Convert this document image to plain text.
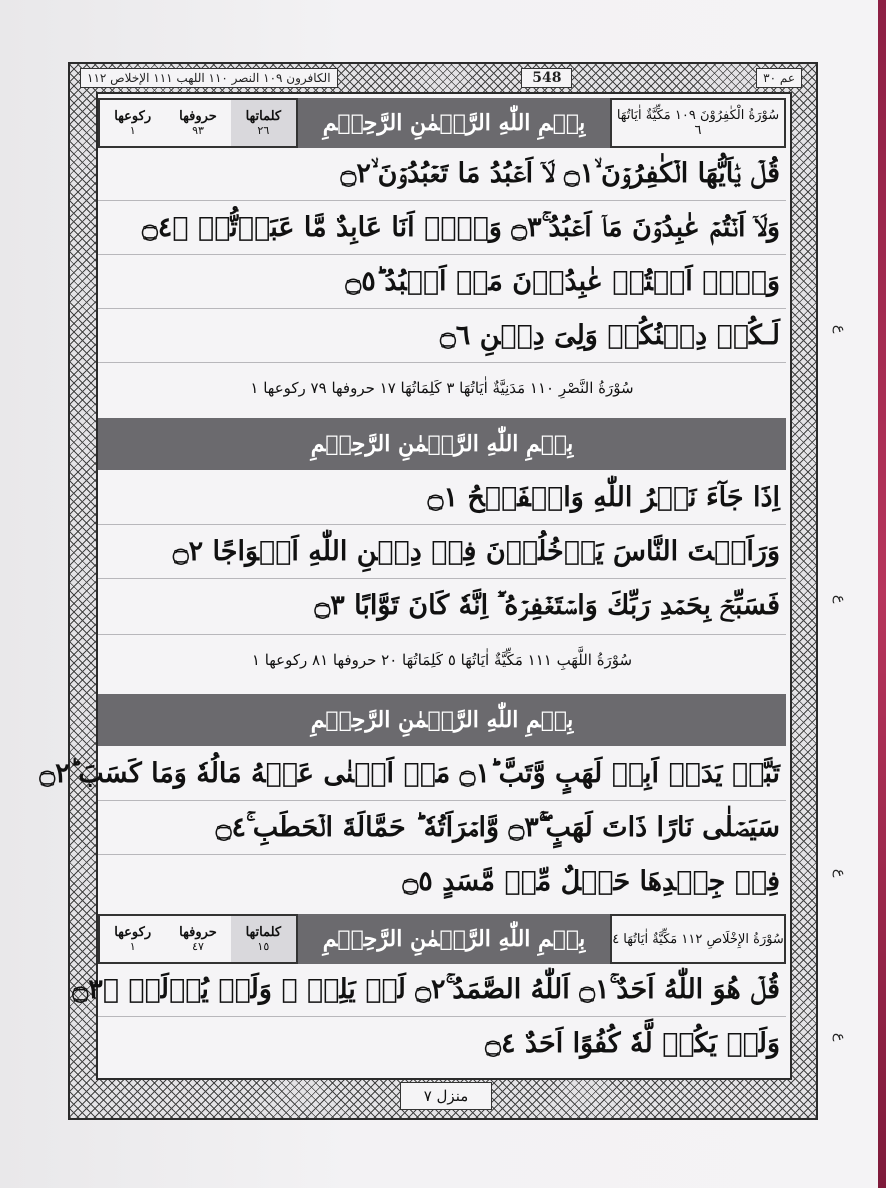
عم ۳۰
548
الكافرون ١٠٩ النصر ١١٠ اللهب ١١١ الإخلاص ١١٢
سُوْرَةُ الْكٰفِرُوْنَ ١٠٩ مَكِّيَّةٌ اٰيَاتُهَا ٦
بِسۡمِ اللّٰهِ الرَّحۡمٰنِ الرَّحِيۡمِ
كلماتها
٢٦
حروفها
٩٣
ركوعها
١
قُلۡ يٰۤاَيُّهَا الۡكٰفِرُوۡنَ ۙ۝١ لَاۤ اَعۡبُدُ مَا تَعۡبُدُوۡنَ ۙ۝٢
وَلَاۤ اَنۡتُمۡ عٰبِدُوۡنَ مَاۤ اَعۡبُدُ ۚ۝٣ وَلَاۤ اَنَا عَابِدٌ مَّا عَبَدۡتُّمۡ ۙ۝٤
وَلَاۤ اَنۡتُمۡ عٰبِدُوۡنَ مَاۤ اَعۡبُدُ ؕ۝٥
لَـكُمۡ دِيۡنُكُمۡ وَلِىَ دِيۡنِ ۝٦
سُوْرَةُ النَّصْرِ ١١٠ مَدَنِيَّةٌ اٰيَاتُهَا ٣ كَلِمَاتُهَا ١٧ حروفها ٧٩ ركوعها ١
بِسۡمِ اللّٰهِ الرَّحۡمٰنِ الرَّحِيۡمِ
اِذَا جَآءَ نَصۡرُ اللّٰهِ وَالۡفَتۡحُ ۝١
وَرَاَيۡتَ النَّاسَ يَدۡخُلُوۡنَ فِىۡ دِيۡنِ اللّٰهِ اَفۡوَاجًا ۝٢
فَسَبِّحۡ بِحَمۡدِ رَبِّكَ وَاسۡتَغۡفِرۡهُ ؔؕ اِنَّهٗ كَانَ تَوَّابًا ۝٣
سُوْرَةُ اللَّهَبِ ١١١ مَكِّيَّةٌ اٰيَاتُهَا ٥ كَلِمَاتُهَا ٢٠ حروفها ٨١ ركوعها ١
بِسۡمِ اللّٰهِ الرَّحۡمٰنِ الرَّحِيۡمِ
تَبَّتۡ يَدَاۤ اَبِىۡ لَهَبٍ وَّتَبَّ ؕ۝١ مَاۤ اَغۡنٰى عَنۡهُ مَالُهٗ وَمَا كَسَبَ ؕ۝٢
سَيَصۡلٰى نَارًا ذَاتَ لَهَبٍ ۖۚ۝٣ وَّامۡرَاَتُهٗ ؕ حَمَّالَةَ الۡحَطَبِ ۚ۝٤
فِىۡ جِيۡدِهَا حَبۡلٌ مِّنۡ مَّسَدٍ ۝٥
سُوْرَةُ الإِخْلَاصِ ١١٢ مَكِّيَّةٌ اٰيَاتُهَا ٤
بِسۡمِ اللّٰهِ الرَّحۡمٰنِ الرَّحِيۡمِ
كلماتها
١٥
حروفها
٤٧
ركوعها
١
قُلۡ هُوَ اللّٰهُ اَحَدٌ ۚ۝١ اَللّٰهُ الصَّمَدُ ۚ۝٢ لَمۡ يَلِدۡ ۙ وَلَمۡ يُوۡلَدۡ ۙ۝٣
وَلَمۡ يَكُنۡ لَّهٗ كُفُوًا اَحَدٌ ۝٤
ع
ع
ع
ع
منزل ٧
